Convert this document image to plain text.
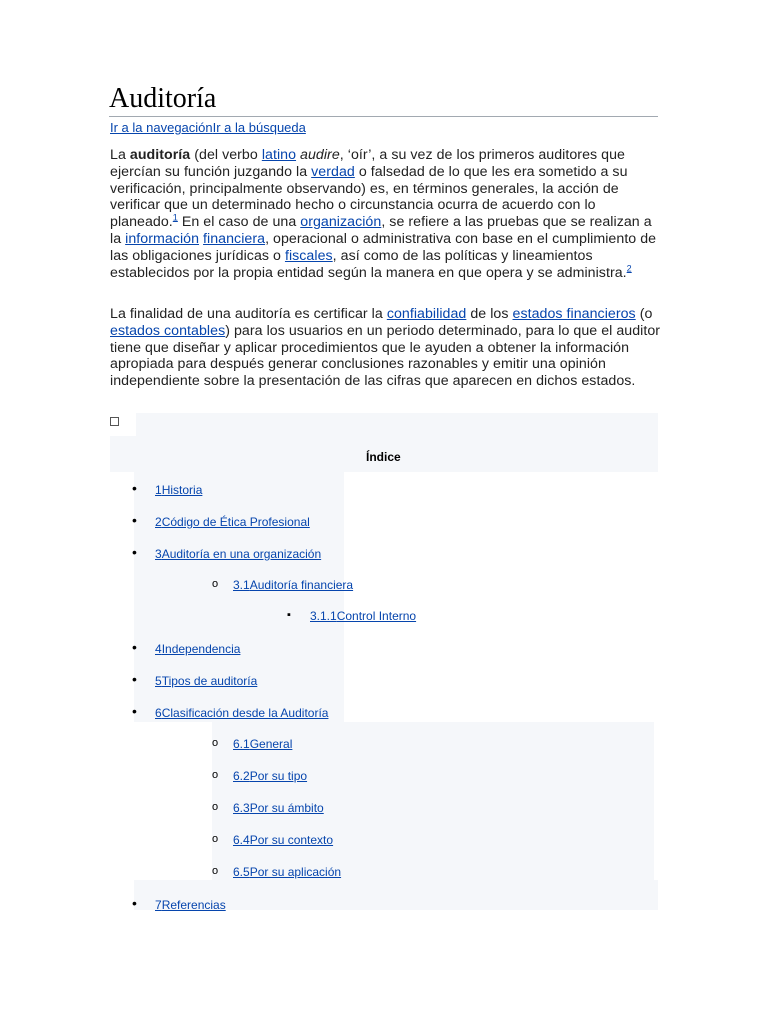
Auditoría
Ir a la navegaciónIr a la búsqueda

La auditoría (del verbo latino audire, ‘oír’, a su vez de los primeros auditores que ejercían su función juzgando la verdad o falsedad de lo que les era sometido a su verificación, principalmente observando) es, en términos generales, la acción de verificar que un determinado hecho o circunstancia ocurra de acuerdo con lo planeado.$^1$ En el caso de una organización, se refiere a las pruebas que se realizan a la información financiera, operacional o administrativa con base en el cumplimiento de las obligaciones jurídicas o fiscales, así como de las políticas y lineamientos establecidos por la propia entidad según la manera en que opera y se administra.$^2$

La finalidad de una auditoría es certificar la confiabilidad de los estados financieros (o estados contables) para los usuarios en un periodo determinado, para lo que el auditor tiene que diseñar y aplicar procedimientos que le ayuden a obtener la información apropiada para después generar conclusiones razonables y emitir una opinión independiente sobre la presentación de las cifras que aparecen en dichos estados.

Índice
•
1Historia
•
2Código de Ética Profesional
•
3Auditoría en una organización
o
3.1Auditoría financiera
▪
3.1.1Control Interno
•
4Independencia
•
5Tipos de auditoría
•
6Clasificación desde la Auditoría
o
6.1General
o
6.2Por su tipo
o
6.3Por su ámbito
o
6.4Por su contexto
o
6.5Por su aplicación
•
7Referencias
